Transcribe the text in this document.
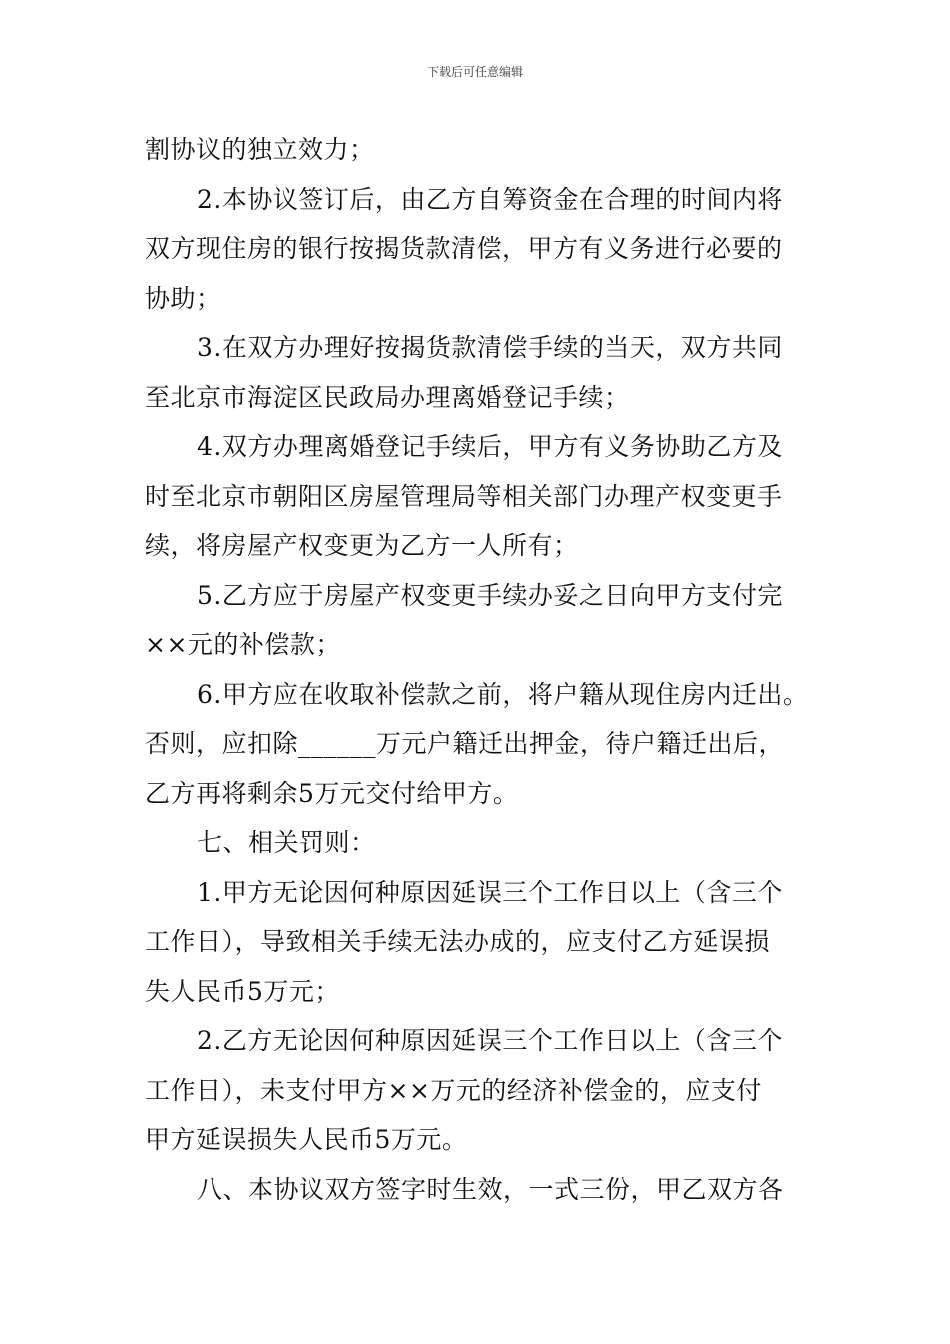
下载后可任意编辑
割协议的独立效力；
2.本协议签订后，由乙方自筹资金在合理的时间内将
双方现住房的银行按揭货款清偿，甲方有义务进行必要的
协助；
3.在双方办理好按揭货款清偿手续的当天，双方共同
至北京市海淀区民政局办理离婚登记手续；
4.双方办理离婚登记手续后，甲方有义务协助乙方及
时至北京市朝阳区房屋管理局等相关部门办理产权变更手
续，将房屋产权变更为乙方一人所有；
5.乙方应于房屋产权变更手续办妥之日向甲方支付完
××元的补偿款；
6.甲方应在收取补偿款之前，将户籍从现住房内迁出。
否则，应扣除______万元户籍迁出押金，待户籍迁出后，
乙方再将剩余5万元交付给甲方。
七、相关罚则：
1.甲方无论因何种原因延误三个工作日以上（含三个
工作日），导致相关手续无法办成的，应支付乙方延误损
失人民币5万元；
2.乙方无论因何种原因延误三个工作日以上（含三个
工作日），未支付甲方××万元的经济补偿金的，应支付
甲方延误损失人民币5万元。
八、本协议双方签字时生效，一式三份，甲乙双方各
